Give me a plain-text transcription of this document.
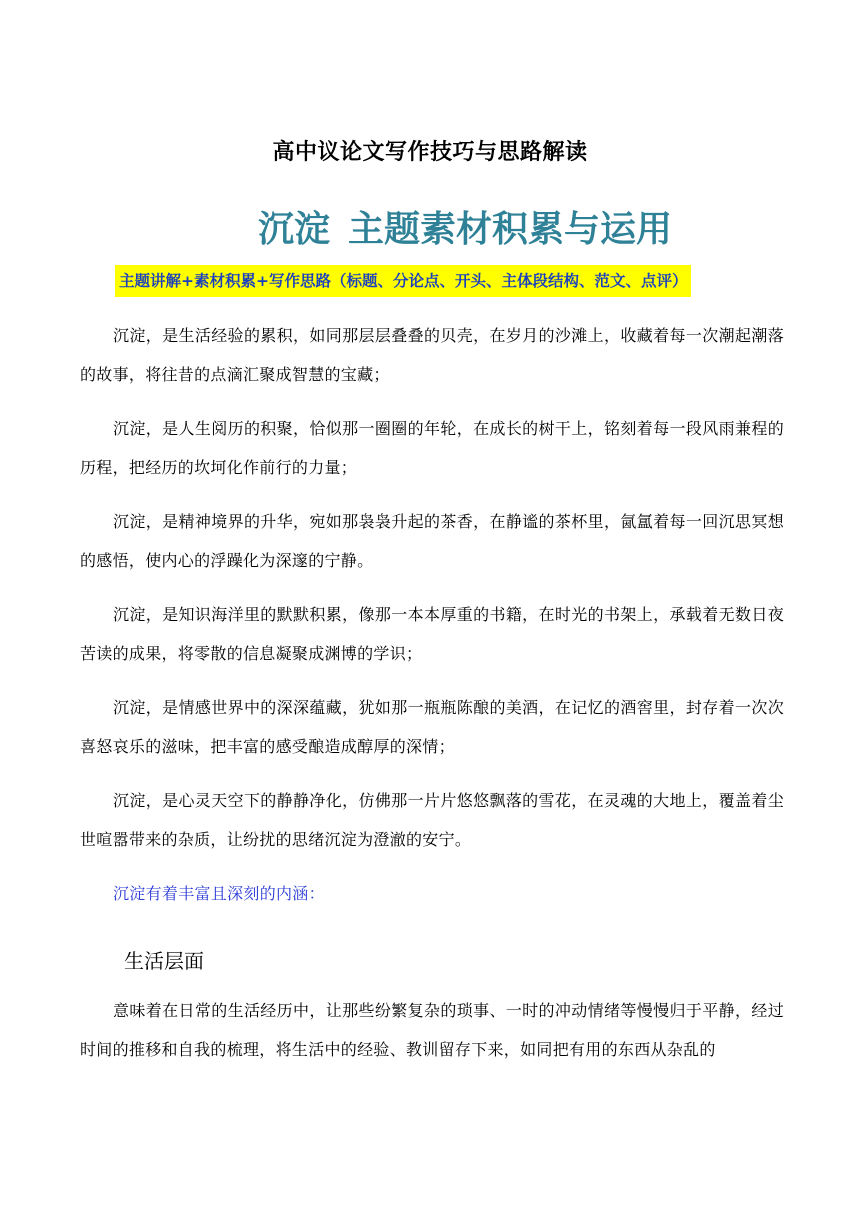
高中议论文写作技巧与思路解读
沉淀 主题素材积累与运用

主题讲解+素材积累+写作思路（标题、分论点、开头、主体段结构、范文、点评）

沉淀，是生活经验的累积，如同那层层叠叠的贝壳，在岁月的沙滩上，收藏着每一次潮起潮落的故事，将往昔的点滴汇聚成智慧的宝藏；

沉淀，是人生阅历的积聚，恰似那一圈圈的年轮，在成长的树干上，铭刻着每一段风雨兼程的历程，把经历的坎坷化作前行的力量；

沉淀，是精神境界的升华，宛如那袅袅升起的茶香，在静谧的茶杯里，氤氲着每一回沉思冥想的感悟，使内心的浮躁化为深邃的宁静。

沉淀，是知识海洋里的默默积累，像那一本本厚重的书籍，在时光的书架上，承载着无数日夜苦读的成果，将零散的信息凝聚成渊博的学识；

沉淀，是情感世界中的深深蕴藏，犹如那一瓶瓶陈酿的美酒，在记忆的酒窖里，封存着一次次喜怒哀乐的滋味，把丰富的感受酿造成醇厚的深情；

沉淀，是心灵天空下的静静净化，仿佛那一片片悠悠飘落的雪花，在灵魂的大地上，覆盖着尘世喧嚣带来的杂质，让纷扰的思绪沉淀为澄澈的安宁。

沉淀有着丰富且深刻的内涵：

生活层面

意味着在日常的生活经历中，让那些纷繁复杂的琐事、一时的冲动情绪等慢慢归于平静，经过时间的推移和自我的梳理，将生活中的经验、教训留存下来，如同把有用的东西从杂乱的
